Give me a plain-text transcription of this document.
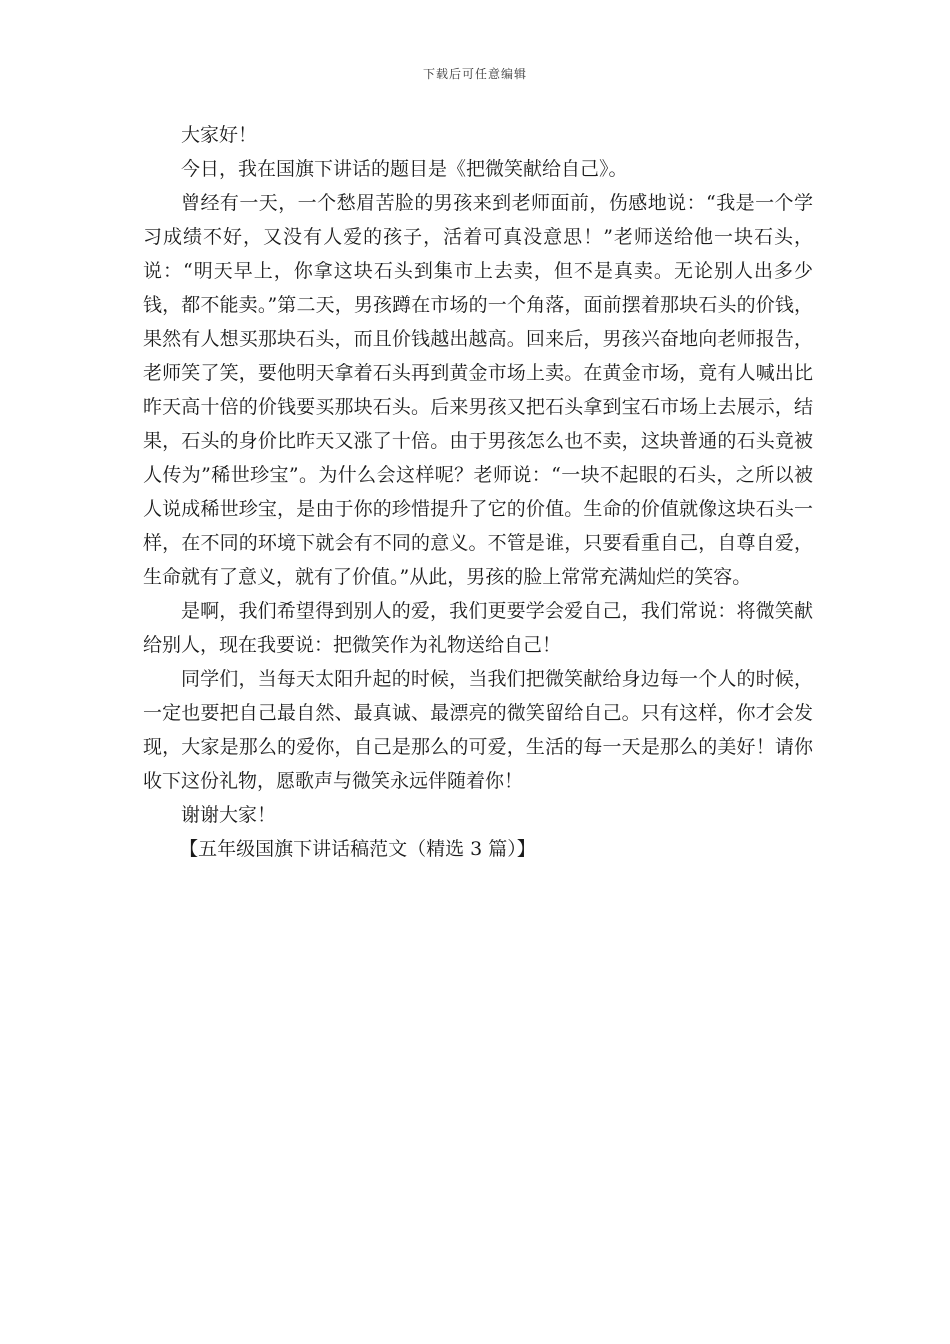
下载后可任意编辑

大家好！

今日，我在国旗下讲话的题目是《把微笑献给自己》。

曾经有一天，一个愁眉苦脸的男孩来到老师面前，伤感地说：“我是一个学习成绩不好，又没有人爱的孩子，活着可真没意思！”老师送给他一块石头，说：“明天早上，你拿这块石头到集市上去卖，但不是真卖。无论别人出多少钱，都不能卖。”第二天，男孩蹲在市场的一个角落，面前摆着那块石头的价钱，果然有人想买那块石头，而且价钱越出越高。回来后，男孩兴奋地向老师报告，老师笑了笑，要他明天拿着石头再到黄金市场上卖。在黄金市场，竟有人喊出比昨天高十倍的价钱要买那块石头。后来男孩又把石头拿到宝石市场上去展示，结果，石头的身价比昨天又涨了十倍。由于男孩怎么也不卖，这块普通的石头竟被人传为”稀世珍宝”。为什么会这样呢？老师说：“一块不起眼的石头，之所以被人说成稀世珍宝，是由于你的珍惜提升了它的价值。生命的价值就像这块石头一样，在不同的环境下就会有不同的意义。不管是谁，只要看重自己，自尊自爱，生命就有了意义，就有了价值。”从此，男孩的脸上常常充满灿烂的笑容。

是啊，我们希望得到别人的爱，我们更要学会爱自己，我们常说：将微笑献给别人，现在我要说：把微笑作为礼物送给自己！

同学们，当每天太阳升起的时候，当我们把微笑献给身边每一个人的时候，一定也要把自己最自然、最真诚、最漂亮的微笑留给自己。只有这样，你才会发现，大家是那么的爱你，自己是那么的可爱，生活的每一天是那么的美好！请你收下这份礼物，愿歌声与微笑永远伴随着你！

谢谢大家！

【五年级国旗下讲话稿范文（精选 3 篇）】
